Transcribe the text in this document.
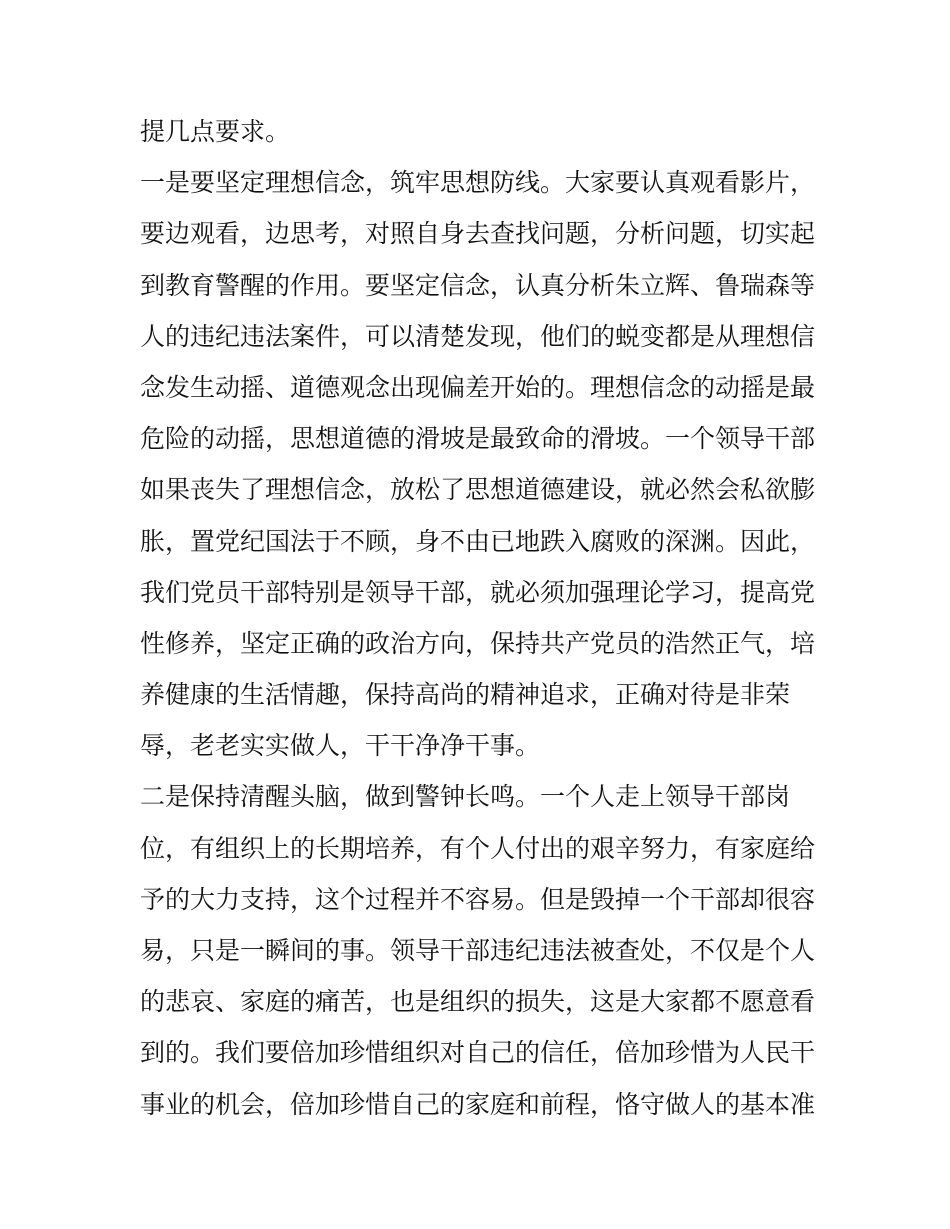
提几点要求。
一是要坚定理想信念，筑牢思想防线。大家要认真观看影片，
要边观看，边思考，对照自身去查找问题，分析问题，切实起
到教育警醒的作用。要坚定信念，认真分析朱立辉、鲁瑞森等
人的违纪违法案件，可以清楚发现，他们的蜕变都是从理想信
念发生动摇、道德观念出现偏差开始的。理想信念的动摇是最
危险的动摇，思想道德的滑坡是最致命的滑坡。一个领导干部
如果丧失了理想信念，放松了思想道德建设，就必然会私欲膨
胀，置党纪国法于不顾，身不由已地跌入腐败的深渊。因此，
我们党员干部特别是领导干部，就必须加强理论学习，提高党
性修养，坚定正确的政治方向，保持共产党员的浩然正气，培
养健康的生活情趣，保持高尚的精神追求，正确对待是非荣
辱，老老实实做人，干干净净干事。
二是保持清醒头脑，做到警钟长鸣。一个人走上领导干部岗
位，有组织上的长期培养，有个人付出的艰辛努力，有家庭给
予的大力支持，这个过程并不容易。但是毁掉一个干部却很容
易，只是一瞬间的事。领导干部违纪违法被查处，不仅是个人
的悲哀、家庭的痛苦，也是组织的损失，这是大家都不愿意看
到的。我们要倍加珍惜组织对自己的信任，倍加珍惜为人民干
事业的机会，倍加珍惜自己的家庭和前程，恪守做人的基本准
